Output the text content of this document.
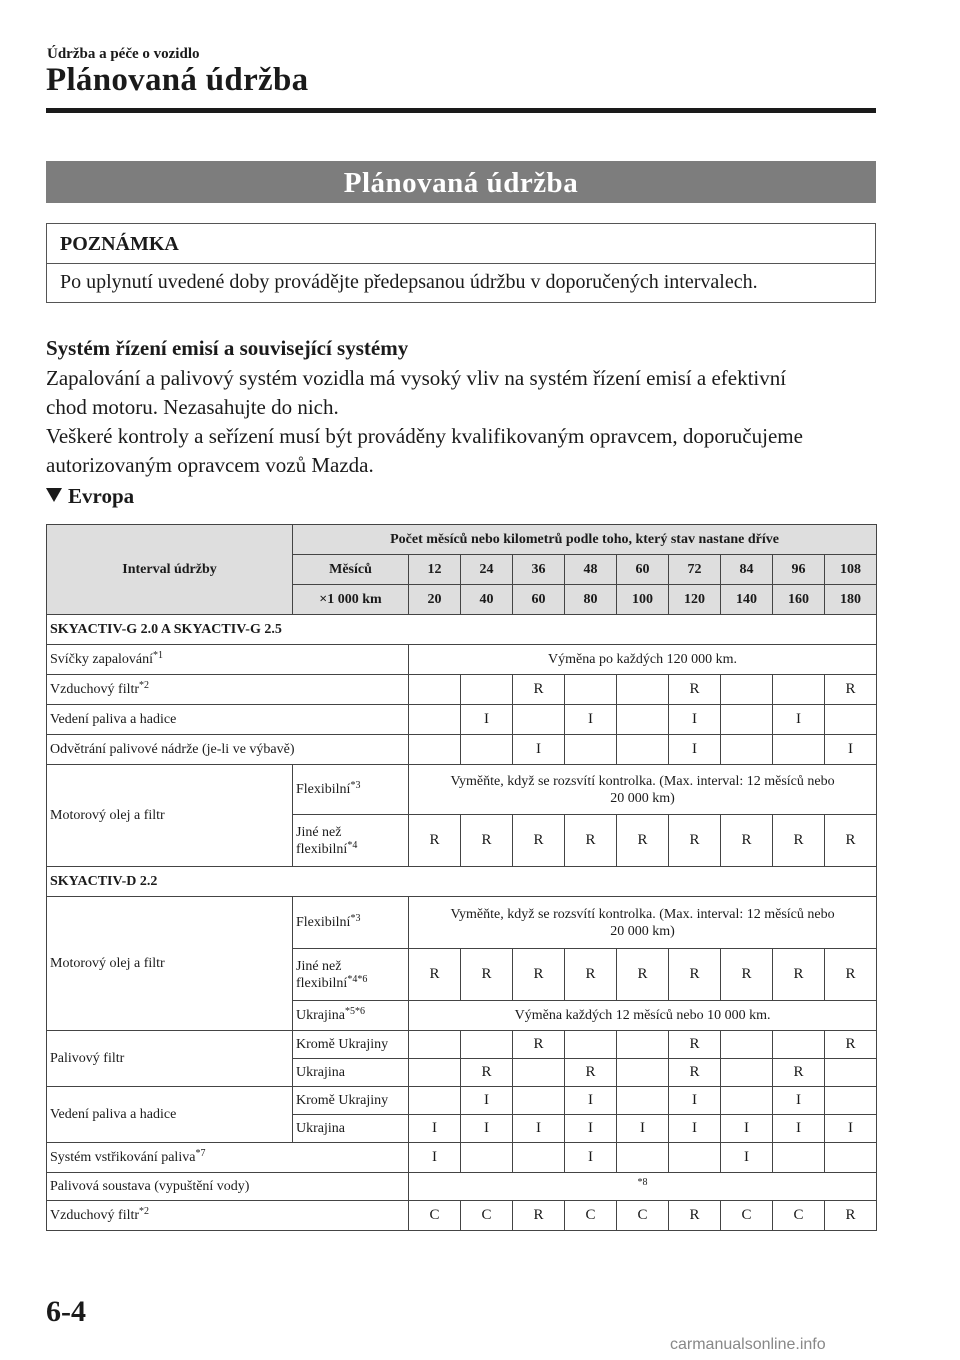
Údržba a péče o vozidlo
Plánovaná údržba
Plánovaná údržba
POZNÁMKA
Po uplynutí uvedené doby provádějte předepsanou údržbu v doporučených intervalech.
Systém řízení emisí a související systémy
Zapalování a palivový systém vozidla má vysoký vliv na systém řízení emisí a efektivní
chod motoru. Nezasahujte do nich.
Veškeré kontroly a seřízení musí být prováděny kvalifikovaným opravcem, doporučujeme
autorizovaným opravcem vozů Mazda.
Evropa
Interval údržby	Počet měsíců nebo kilometrů podle toho, který stav nastane dříve									
	Měsíců	12	24	36	48	60	72	84	96	108
	×1 000 km	20	40	60	80	100	120	140	160	180
SKYACTIV-G 2.0 A SKYACTIV-G 2.5										
Svíčky zapalování$^{*1}$		Výměna po každých 120 000 km.								
Vzduchový filtr$^{*2}$				R			R			R
Vedení paliva a hadice			I		I		I		I	
Odvětrání palivové nádrže (je-li ve výbavě)				I			I			I
Motorový olej a filtr	Flexibilní$^{*3}$	Vyměňte, když se rozsvítí kontrolka. (Max. interval: 12 měsíců nebo
20 000 km)								
	Jiné než
flexibilní$^{*4}$	R	R	R	R	R	R	R	R	R
SKYACTIV-D 2.2										
Motorový olej a filtr	Flexibilní$^{*3}$	Vyměňte, když se rozsvítí kontrolka. (Max. interval: 12 měsíců nebo
20 000 km)								
	Jiné než
flexibilní$^{*4*6}$	R	R	R	R	R	R	R	R	R
	Ukrajina$^{*5*6}$	Výměna každých 12 měsíců nebo 10 000 km.								
Palivový filtr	Kromě Ukrajiny			R			R			R
	Ukrajina		R		R		R		R	
Vedení paliva a hadice	Kromě Ukrajiny		I		I		I		I	
	Ukrajina	I	I	I	I	I	I	I	I	I
Systém vstřikování paliva$^{*7}$		I			I			I		
Palivová soustava (vypuštění vody)		$^{*8}$
Vzduchový filtr$^{*2}$		C	C	R	C	C	R	C	C	R
6-4
carmanualsonline.info
